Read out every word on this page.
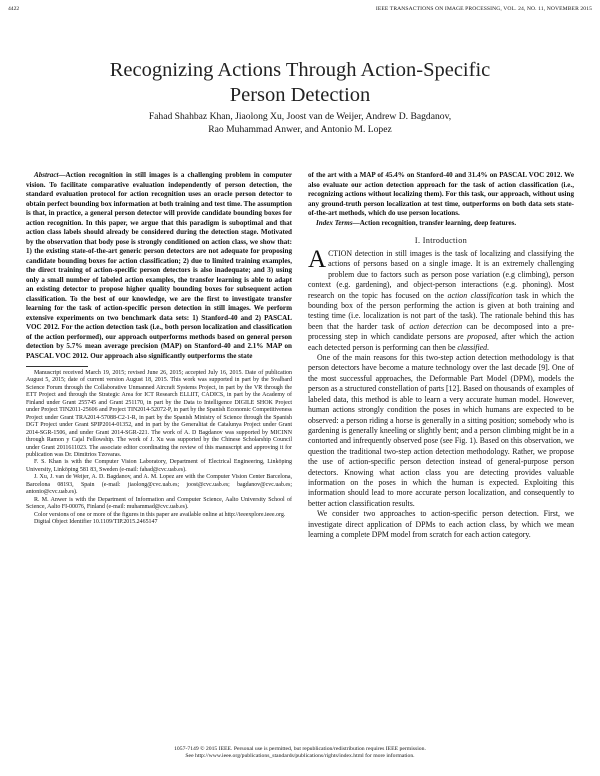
4422	IEEE TRANSACTIONS ON IMAGE PROCESSING, VOL. 24, NO. 11, NOVEMBER 2015
Recognizing Actions Through Action-Specific
Person Detection
Fahad Shahbaz Khan, Jiaolong Xu, Joost van de Weijer, Andrew D. Bagdanov,
Rao Muhammad Anwer, and Antonio M. Lopez

Abstract—Action recognition in still images is a challenging problem in computer vision. To facilitate comparative evaluation independently of person detection, the standard evaluation protocol for action recognition uses an oracle person detector to obtain perfect bounding box information at both training and test time. The assumption is that, in practice, a general person detector will provide candidate bounding boxes for action recognition. In this paper, we argue that this paradigm is suboptimal and that action class labels should already be considered during the detection stage. Motivated by the observation that body pose is strongly conditioned on action class, we show that: 1) the existing state-of-the-art generic person detectors are not adequate for proposing candidate bounding boxes for action classification; 2) due to limited training examples, the direct training of action-specific person detectors is also inadequate; and 3) using only a small number of labeled action examples, the transfer learning is able to adapt an existing detector to propose higher quality bounding boxes for subsequent action classification. To the best of our knowledge, we are the first to investigate transfer learning for the task of action-specific person detection in still images. We perform extensive experiments on two benchmark data sets: 1) Stanford-40 and 2) PASCAL VOC 2012. For the action detection task (i.e., both person localization and classification of the action performed), our approach outperforms methods based on general person detection by 5.7% mean average precision (MAP) on Stanford-40 and 2.1% MAP on PASCAL VOC 2012. Our approach also significantly outperforms the state

Manuscript received March 19, 2015; revised June 26, 2015; accepted July 16, 2015. Date of publication August 5, 2015; date of current version August 18, 2015. This work was supported in part by the Svalbard Science Forum through the Collaborative Unmanned Aircraft Systems Project, in part by the VR through the ETT Project and through the Strategic Area for ICT Research ELLIIT, CADICS, in part by the Academy of Finland under Grant 255745 and Grant 251170, in part by the Data to Intelligence DIGILE SHOK Project under Project TIN2011-25606 and Project TIN2014-52072-P, in part by the Spanish Economic Competitiveness Project under Grant TRA2014-57088-C2-1-R, in part by the Spanish Ministry of Science through the Spanish DGT Project under Grant SPIP2014-01352, and in part by the Generalitat de Catalunya Project under Grant 2014-SGR-1506, and under Grant 2014-SGR-221. The work of A. D Bagdanov was supported by MICINN through Ramon y Cajal Fellowship. The work of J. Xu was supported by the Chinese Scholarship Council under Grant 2011611023. The associate editor coordinating the review of this manuscript and approving it for publication was Dr. Dimitrios Tzovaras.

F. S. Khan is with the Computer Vision Laboratory, Department of Electrical Engineering, Linköping University, Linköping 581 83, Sweden (e-mail: fahad@cvc.uab.es).

J. Xu, J. van de Weijer, A. D. Bagdanov, and A. M. Lopez are with the Computer Vision Center Barcelona, Barcelona 08193, Spain (e-mail: jiaolong@cvc.uab.es; joost@cvc.uab.es; bagdanov@cvc.uab.es; antonio@cvc.uab.es).

R. M. Anwer is with the Department of Information and Computer Science, Aalto University School of Science, Aalto FI-00076, Finland (e-mail: muhammad@cvc.uab.es).

Color versions of one or more of the figures in this paper are available online at http://ieeexplore.ieee.org.

Digital Object Identifier 10.1109/TIP.2015.2465147

of the art with a MAP of 45.4% on Stanford-40 and 31.4% on PASCAL VOC 2012. We also evaluate our action detection approach for the task of action classification (i.e., recognizing actions without localizing them). For this task, our approach, without using any ground-truth person localization at test time, outperforms on both data sets state-of-the-art methods, which do use person locations.

Index Terms—Action recognition, transfer learning, deep features.

I. Introduction

ACTION detection in still images is the task of localizing and classifying the actions of persons based on a single image. It is an extremely challenging problem due to factors such as person pose variation (e.g climbing), person context (e.g. gardening), and object-person interactions (e.g. phoning). Most research on the topic has focused on the action classification task in which the bounding box of the person performing the action is given at both training and testing time (i.e. localization is not part of the task). The rationale behind this has been that the harder task of action detection can be decomposed into a pre-processing step in which candidate persons are proposed, after which the action each detected person is performing can then be classified.

One of the main reasons for this two-step action detection methodology is that person detectors have become a mature technology over the last decade [9]. One of the most successful approaches, the Deformable Part Model (DPM), models the person as a structured constellation of parts [12]. Based on thousands of examples of labeled data, this method is able to learn a very accurate human model. However, human actions strongly condition the poses in which humans are expected to be observed: a person riding a horse is generally in a sitting position; somebody who is gardening is generally kneeling or slightly bent; and a person climbing might be in a contorted and infrequently observed pose (see Fig. 1). Based on this observation, we question the traditional two-step action detection methodology. Rather, we propose the use of action-specific person detection instead of general-purpose person detectors. Knowing what action class you are detecting provides valuable information on the poses in which the human is expected. Exploiting this information should lead to more accurate person localization, and consequently to better action classification results.

We consider two approaches to action-specific person detection. First, we investigate direct application of DPMs to each action class, by which we mean learning a complete DPM model from scratch for each action category.

1057-7149 © 2015 IEEE. Personal use is permitted, but republication/redistribution requires IEEE permission.
See http://www.ieee.org/publications_standards/publications/rights/index.html for more information.
